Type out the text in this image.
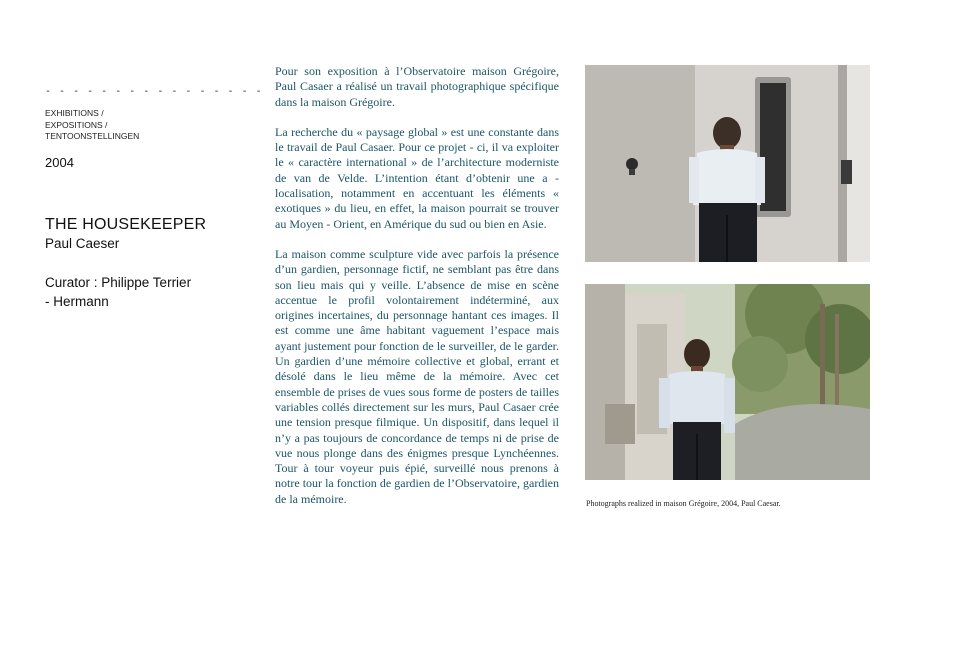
- - - - - - - - - - - - - - - -
EXHIBITIONS /
EXPOSITIONS /
TENTOONSTELLINGEN
2004
THE HOUSEKEEPER
Paul Caeser
Curator : Philippe Terrier - Hermann

Pour son exposition à l’Observatoire maison Grégoire, Paul Casaer a réalisé un travail photographique spécifique dans la maison Grégoire.

La recherche du « paysage global » est une constante dans le travail de Paul Casaer. Pour ce projet - ci, il va exploiter le « caractère international » de l’architecture moderniste de van de Velde. L’intention étant d’obtenir une a - localisation, notamment en accentuant les éléments « exotiques » du lieu, en effet, la maison pourrait se trouver au Moyen - Orient, en Amérique du sud ou bien en Asie.

La maison comme sculpture vide avec parfois la présence d’un gardien, personnage fictif, ne semblant pas être dans son lieu mais qui y veille. L’absence de mise en scène accentue le profil volontairement indéterminé, aux origines incertaines, du personnage hantant ces images. Il est comme une âme habitant vaguement l’espace mais ayant justement pour fonction de le surveiller, de le garder. Un gardien d’une mémoire collective et global, errant et désolé dans le lieu même de la mémoire. Avec cet ensemble de prises de vues sous forme de posters de tailles variables collés directement sur les murs, Paul Casaer crée une tension presque filmique. Un dispositif, dans lequel il n’y a pas toujours de concordance de temps ni de prise de vue nous plonge dans des énigmes presque Lynchéennes. Tour à tour voyeur puis épié, surveillé nous prenons à notre tour la fonction de gardien de l’Observatoire, gardien de la mémoire.	Photographs realized in maison Grégoire, 2004, Paul Caesar.
